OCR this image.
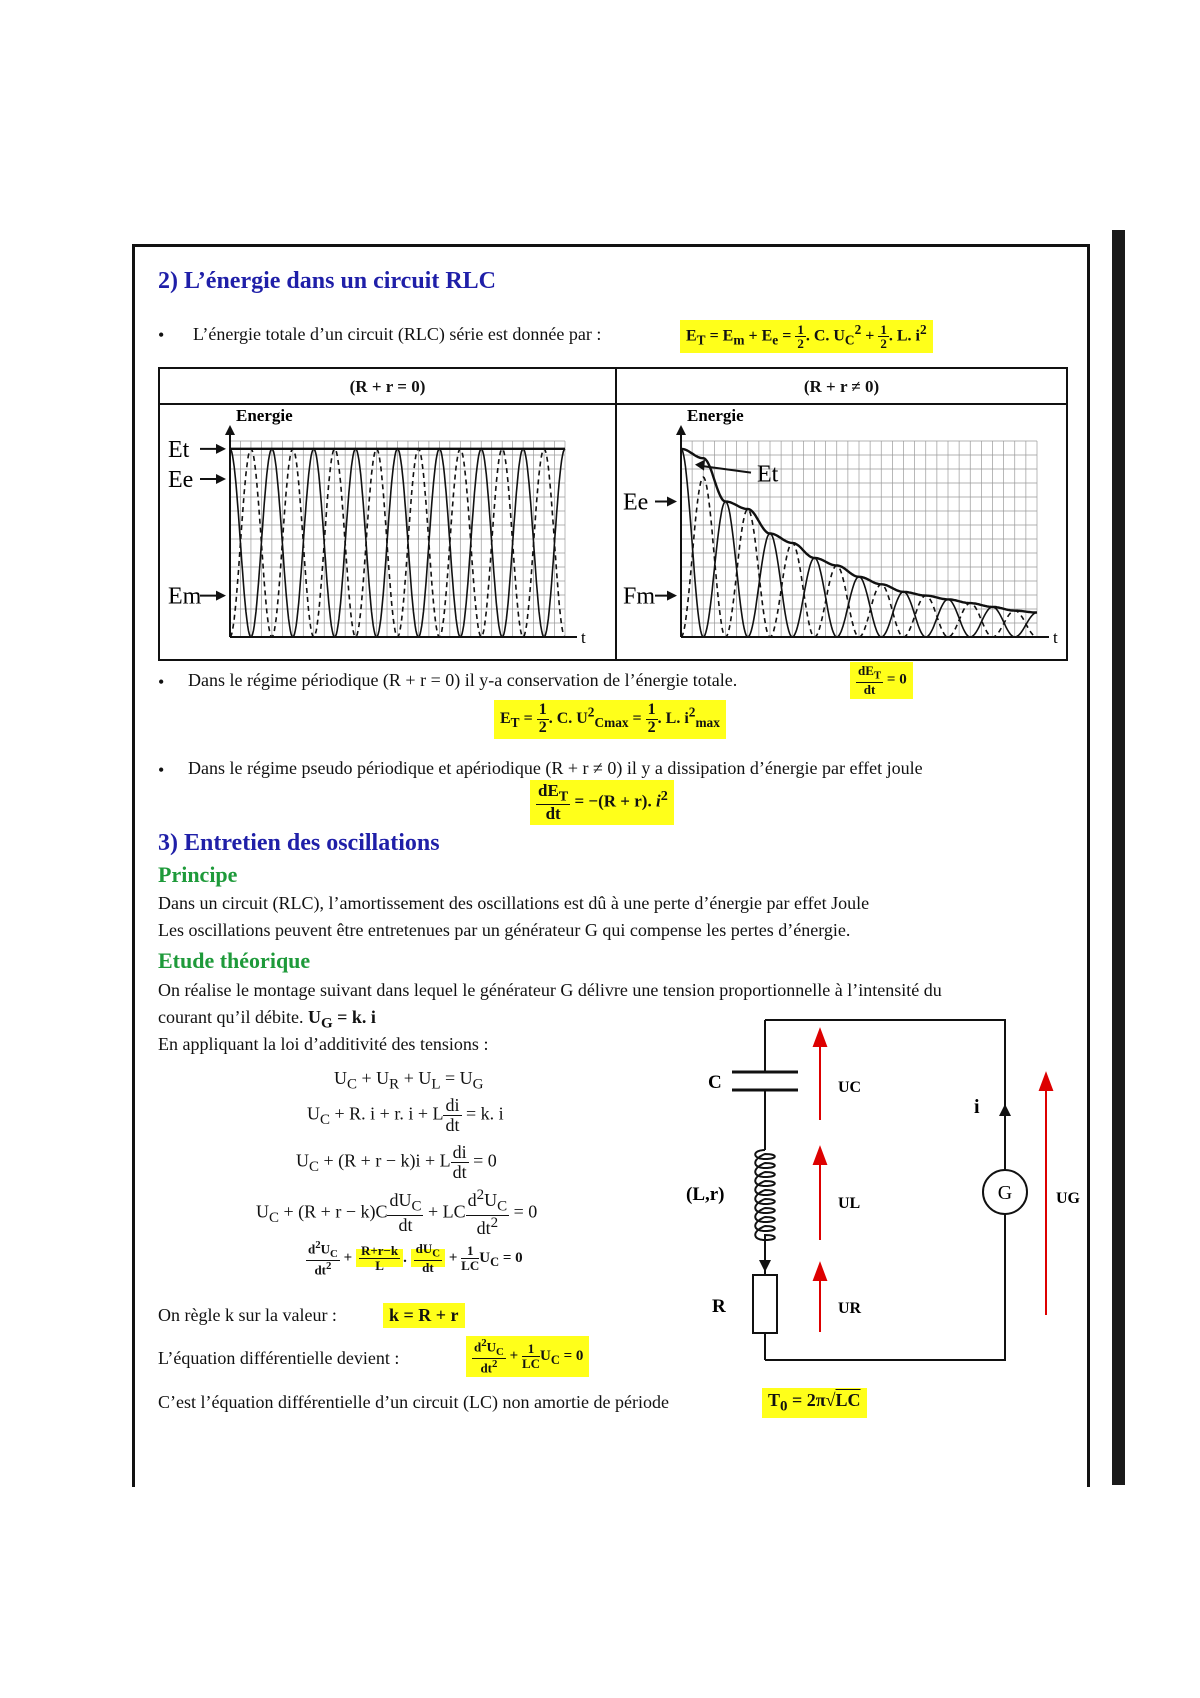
2) L’énergie dans un circuit RLC
• L’énergie totale d’un circuit (RLC) série est donnée par :	$E_T = E_m + E_e = \frac{1}{2}$ . C. $U_C^2 + \frac{1}{2}$ . L. $i^2$
(R + r = 0)	(R + r ≠ 0)
t
Energie
Et
Ee
Em
t
Energie
Et
Ee
Fm
• Dans le régime périodique (R + r = 0) il y-a conservation de l’énergie totale.	$\frac{dE_T}{dt} = 0$
$E_T = \frac{1}{2}$ . C. $U^2_{Cmax} = \frac{1}{2}$ . L. $i^2_{max}$
• Dans le régime pseudo périodique et apériodique (R + r ≠ 0) il y a dissipation d’énergie par effet joule
$\frac{dE_T}{dt} = -(R + r)$. $i^2$
3) Entretien des oscillations
Principe
Dans un circuit (RLC), l’amortissement des oscillations est dû à une perte d’énergie par effet Joule
Les oscillations peuvent être entretenues par un générateur G qui compense les pertes d’énergie.
Etude théorique
On réalise le montage suivant dans lequel le générateur G délivre une tension proportionnelle à l’intensité du
courant qu’il débite. $U_G = k$. i
En appliquant la loi d’additivité des tensions :
$U_C + U_R + U_L = U_G$
$U_C + R$. i + r. i + L $\frac{di}{dt} = k$. i
$U_C + (R + r - k)i + L \frac{di}{dt} = 0$
$U_C + (R + r - k)C \frac{dU_C}{dt}$ + LC $\frac{d^2U_C}{dt^2} = 0$
$\frac{d^2U_C}{dt^2} + \frac{R+r-k}{L}$ . $\frac{dU_C}{dt} + \frac{1}{LC} U_C = 0$
On règle k sur la valeur :	k = R + r
L’équation différentielle devient :	$\frac{d^2U_C}{dt^2} + \frac{1}{LC} U_C = 0$
C’est l’équation différentielle d’un circuit (LC) non amortie de période	$T_0 = 2\pi√LC$
C
(L,r)
R
G
i
UC
UL
UR
UG
